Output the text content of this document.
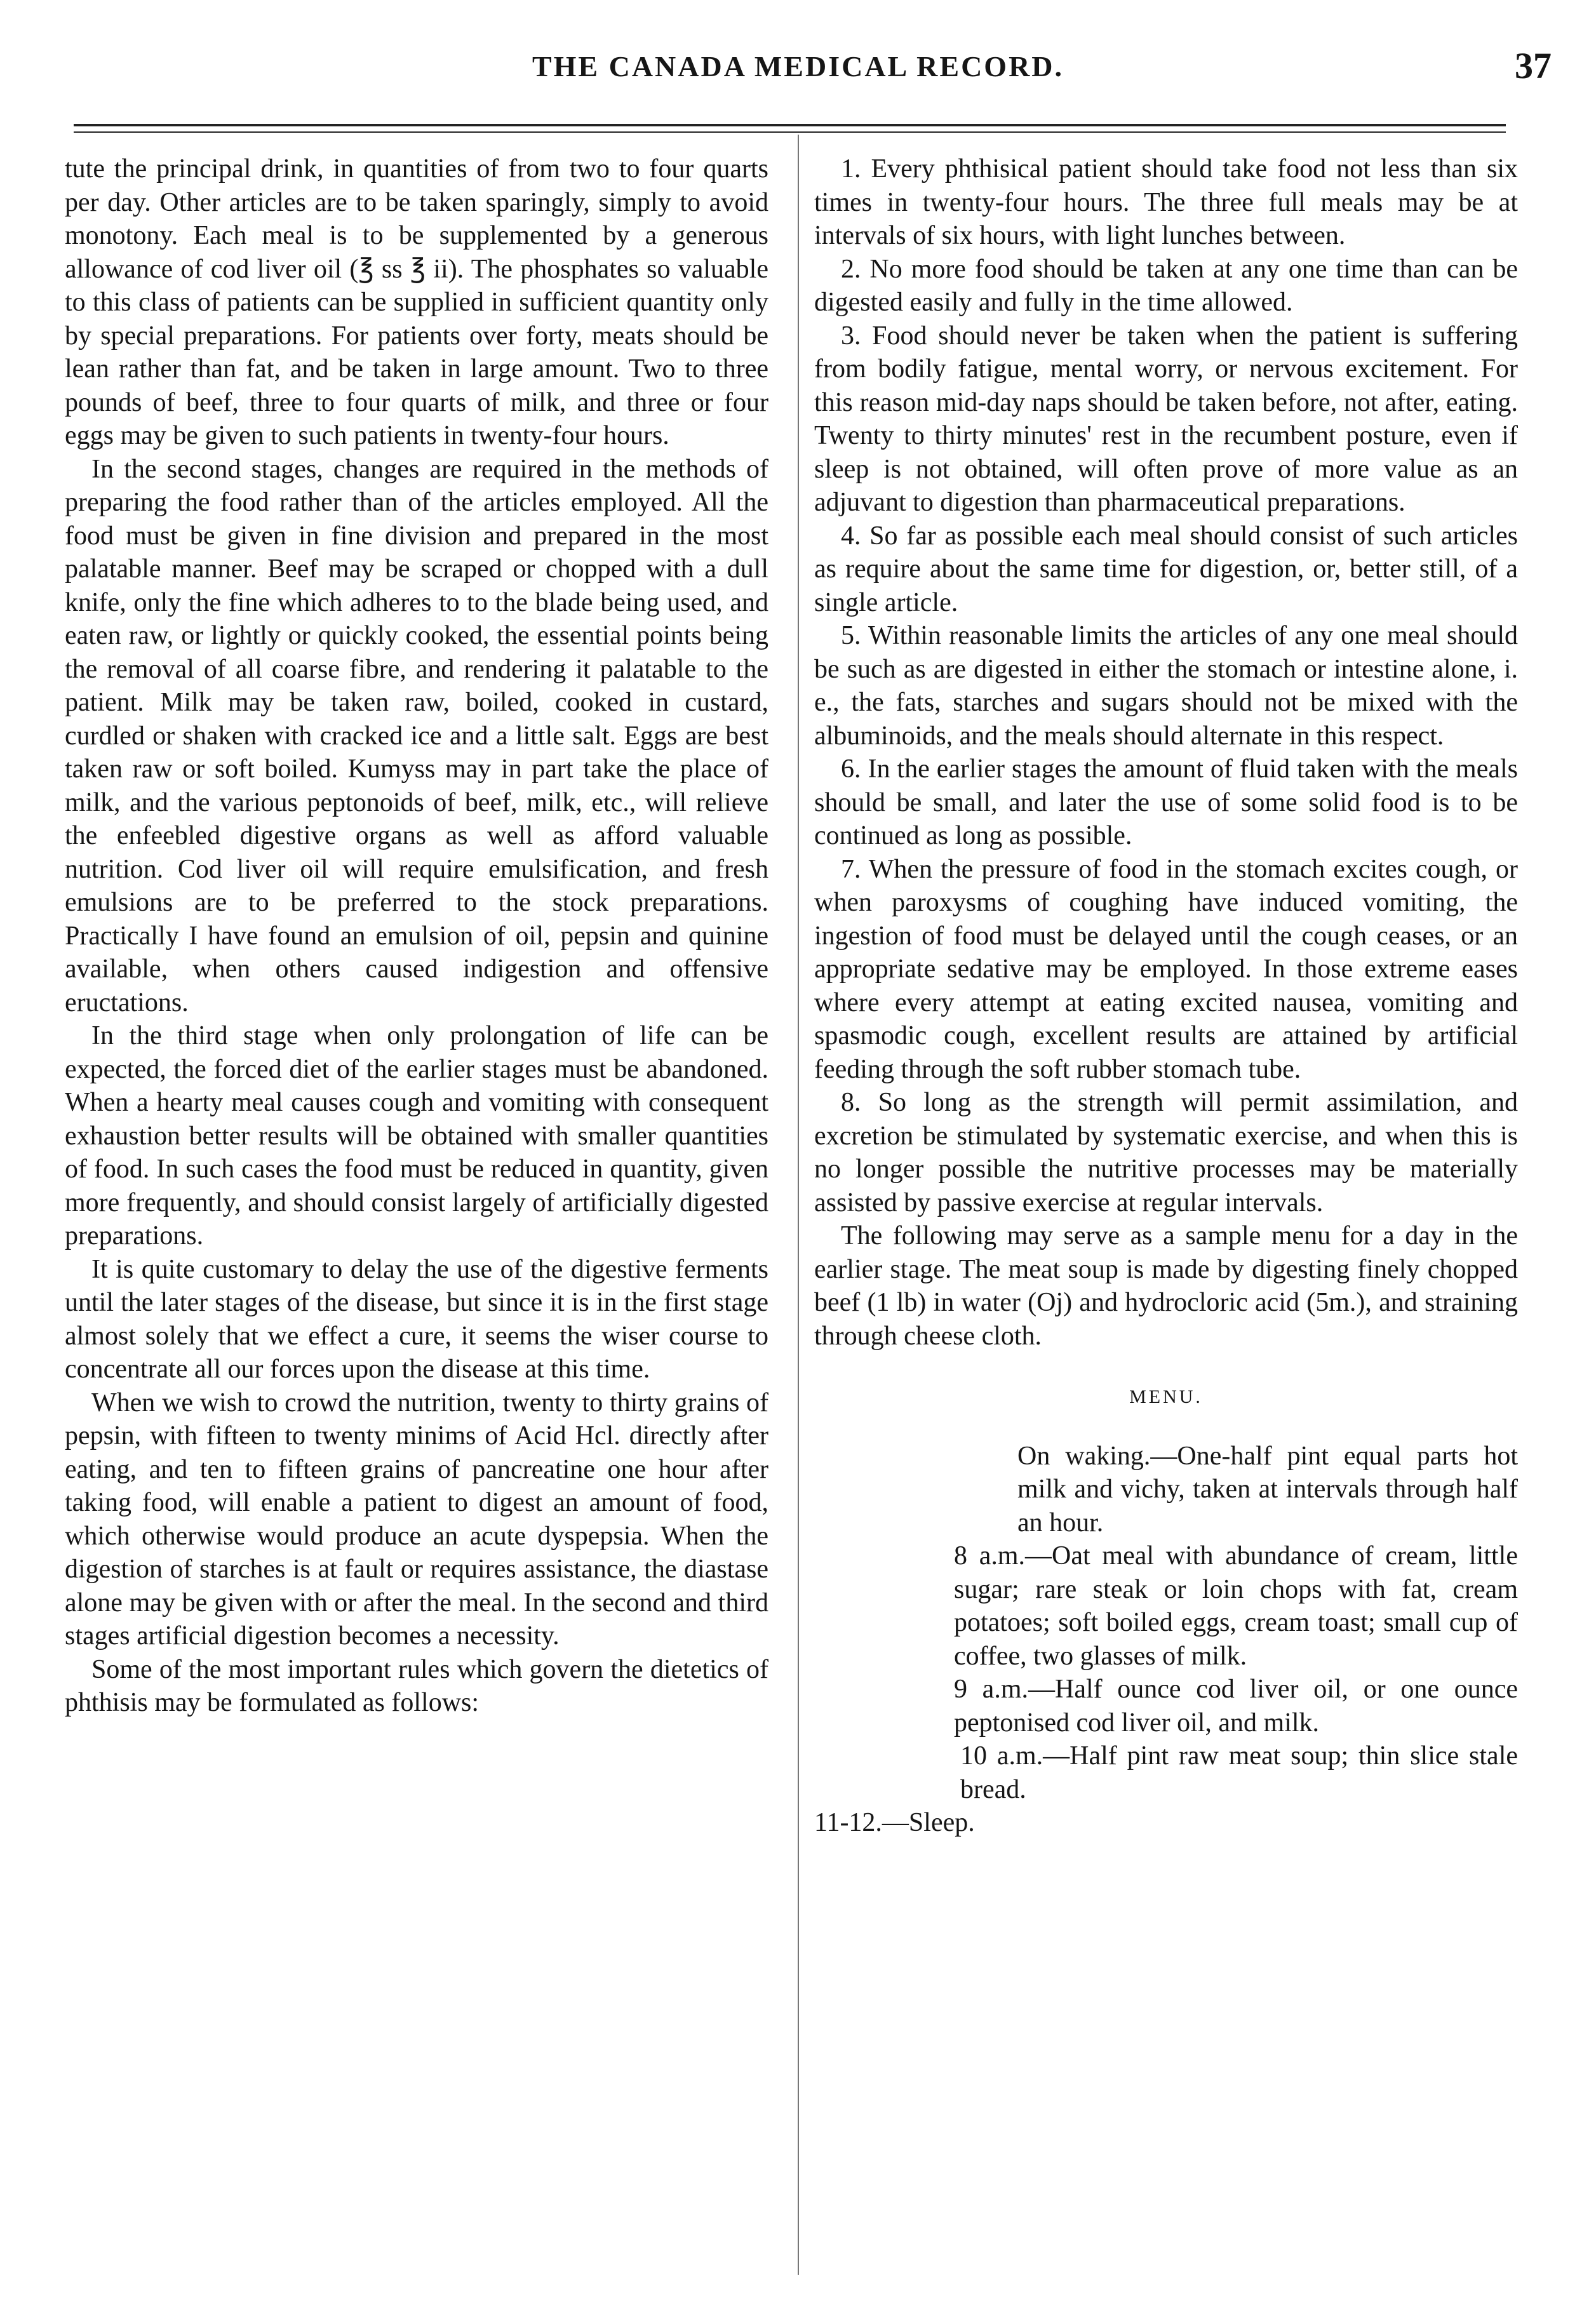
THE CANADA MEDICAL RECORD.	37

tute the principal drink, in quantities of from two to four quarts per day. Other articles are to be taken sparingly, simply to avoid monotony. Each meal is to be supplemented by a generous allowance of cod liver oil (℥ ss ℥ ii). The phosphates so valuable to this class of patients can be supplied in sufficient quantity only by special preparations. For patients over forty, meats should be lean rather than fat, and be taken in large amount. Two to three pounds of beef, three to four quarts of milk, and three or four eggs may be given to such patients in twenty-four hours.

In the second stages, changes are required in the methods of preparing the food rather than of the articles employed. All the food must be given in fine division and prepared in the most palatable manner. Beef may be scraped or chopped with a dull knife, only the fine which adheres to to the blade being used, and eaten raw, or lightly or quickly cooked, the essential points being the removal of all coarse fibre, and rendering it palatable to the patient. Milk may be taken raw, boiled, cooked in custard, curdled or shaken with cracked ice and a little salt. Eggs are best taken raw or soft boiled. Kumyss may in part take the place of milk, and the various peptonoids of beef, milk, etc., will relieve the enfeebled digestive organs as well as afford valuable nutrition. Cod liver oil will require emulsification, and fresh emulsions are to be preferred to the stock preparations. Practically I have found an emulsion of oil, pepsin and quinine available, when others caused indigestion and offensive eructations.

In the third stage when only prolongation of life can be expected, the forced diet of the earlier stages must be abandoned. When a hearty meal causes cough and vomiting with consequent exhaustion better results will be obtained with smaller quantities of food. In such cases the food must be reduced in quantity, given more frequently, and should consist largely of artificially digested preparations.

It is quite customary to delay the use of the digestive ferments until the later stages of the disease, but since it is in the first stage almost solely that we effect a cure, it seems the wiser course to concentrate all our forces upon the disease at this time.

When we wish to crowd the nutrition, twenty to thirty grains of pepsin, with fifteen to twenty minims of Acid Hcl. directly after eating, and ten to fifteen grains of pancreatine one hour after taking food, will enable a patient to digest an amount of food, which otherwise would produce an acute dyspepsia. When the digestion of starches is at fault or requires assistance, the diastase alone may be given with or after the meal. In the second and third stages artificial digestion becomes a necessity.

Some of the most important rules which govern the dietetics of phthisis may be formulated as follows:

1. Every phthisical patient should take food not less than six times in twenty-four hours. The three full meals may be at intervals of six hours, with light lunches between.

2. No more food should be taken at any one time than can be digested easily and fully in the time allowed.

3. Food should never be taken when the patient is suffering from bodily fatigue, mental worry, or nervous excitement. For this reason mid-day naps should be taken before, not after, eating. Twenty to thirty minutes' rest in the recumbent posture, even if sleep is not obtained, will often prove of more value as an adjuvant to digestion than pharmaceutical preparations.

4. So far as possible each meal should consist of such articles as require about the same time for digestion, or, better still, of a single article.

5. Within reasonable limits the articles of any one meal should be such as are digested in either the stomach or intestine alone, i. e., the fats, starches and sugars should not be mixed with the albuminoids, and the meals should alternate in this respect.

6. In the earlier stages the amount of fluid taken with the meals should be small, and later the use of some solid food is to be continued as long as possible.

7. When the pressure of food in the stomach excites cough, or when paroxysms of coughing have induced vomiting, the ingestion of food must be delayed until the cough ceases, or an appropriate sedative may be employed. In those extreme eases where every attempt at eating excited nausea, vomiting and spasmodic cough, excellent results are attained by artificial feeding through the soft rubber stomach tube.

8. So long as the strength will permit assimilation, and excretion be stimulated by systematic exercise, and when this is no longer possible the nutritive processes may be materially assisted by passive exercise at regular intervals.

The following may serve as a sample menu for a day in the earlier stage. The meat soup is made by digesting finely chopped beef (1 lb) in water (Oj) and hydrocloric acid (5m.), and straining through cheese cloth.

MENU.

On waking.—One-half pint equal parts hot milk and vichy, taken at intervals through half an hour.

8 a.m.—Oat meal with abundance of cream, little sugar; rare steak or loin chops with fat, cream potatoes; soft boiled eggs, cream toast; small cup of coffee, two glasses of milk.

9 a.m.—Half ounce cod liver oil, or one ounce peptonised cod liver oil, and milk.

10 a.m.—Half pint raw meat soup; thin slice stale bread.

11-12.—Sleep.
